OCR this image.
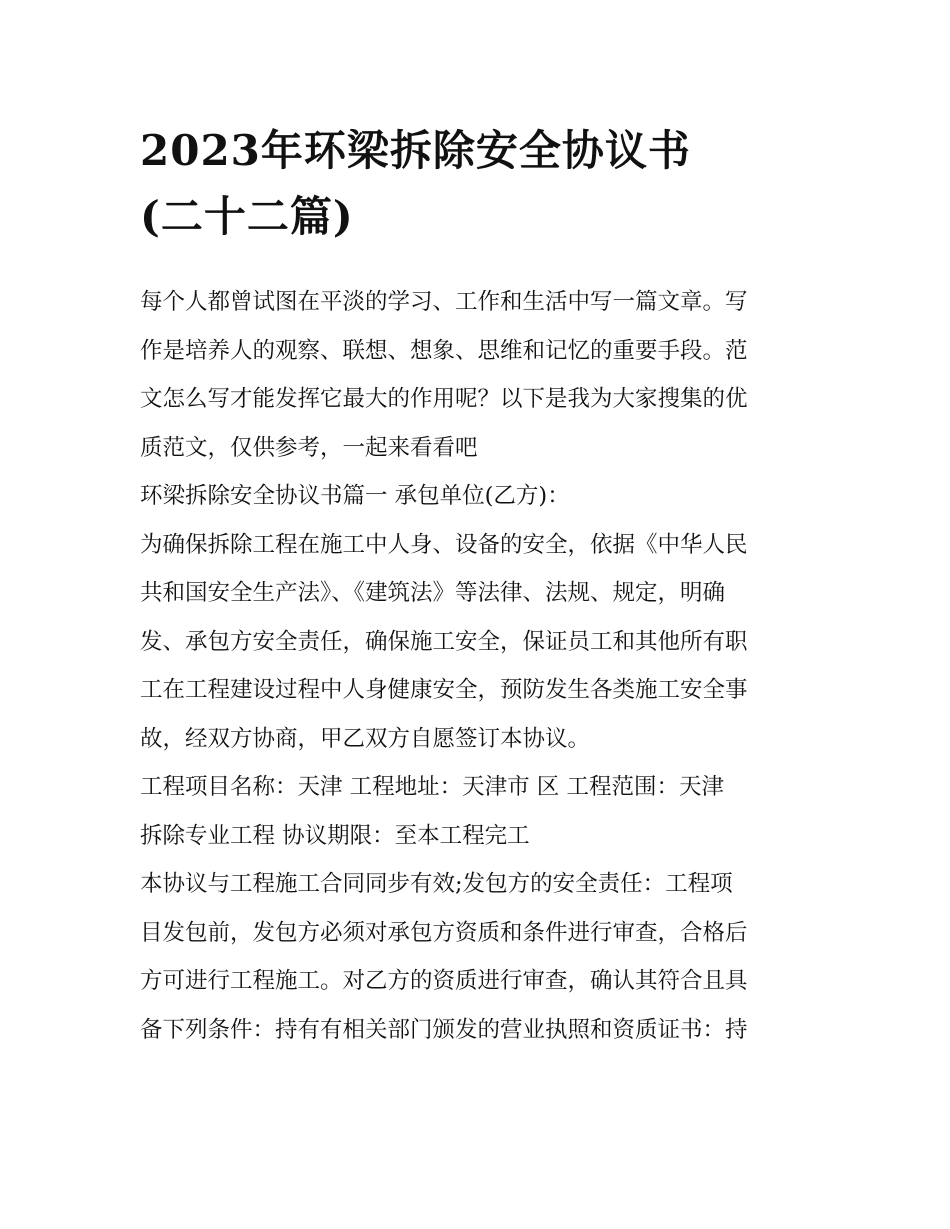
2023年环梁拆除安全协议书
(二十二篇)
每个人都曾试图在平淡的学习、工作和生活中写一篇文章。写
作是培养人的观察、联想、想象、思维和记忆的重要手段。范
文怎么写才能发挥它最大的作用呢？以下是我为大家搜集的优
质范文，仅供参考，一起来看看吧
环梁拆除安全协议书篇一 承包单位(乙方)：
为确保拆除工程在施工中人身、设备的安全，依据《中华人民
共和国安全生产法》、《建筑法》等法律、法规、规定，明确
发、承包方安全责任，确保施工安全，保证员工和其他所有职
工在工程建设过程中人身健康安全，预防发生各类施工安全事
故，经双方协商，甲乙双方自愿签订本协议。
工程项目名称：天津 工程地址：天津市 区 工程范围：天津
拆除专业工程 协议期限：至本工程完工
本协议与工程施工合同同步有效;发包方的安全责任：工程项
目发包前，发包方必须对承包方资质和条件进行审查，合格后
方可进行工程施工。对乙方的资质进行审查，确认其符合且具
备下列条件：持有有相关部门颁发的营业执照和资质证书：持
